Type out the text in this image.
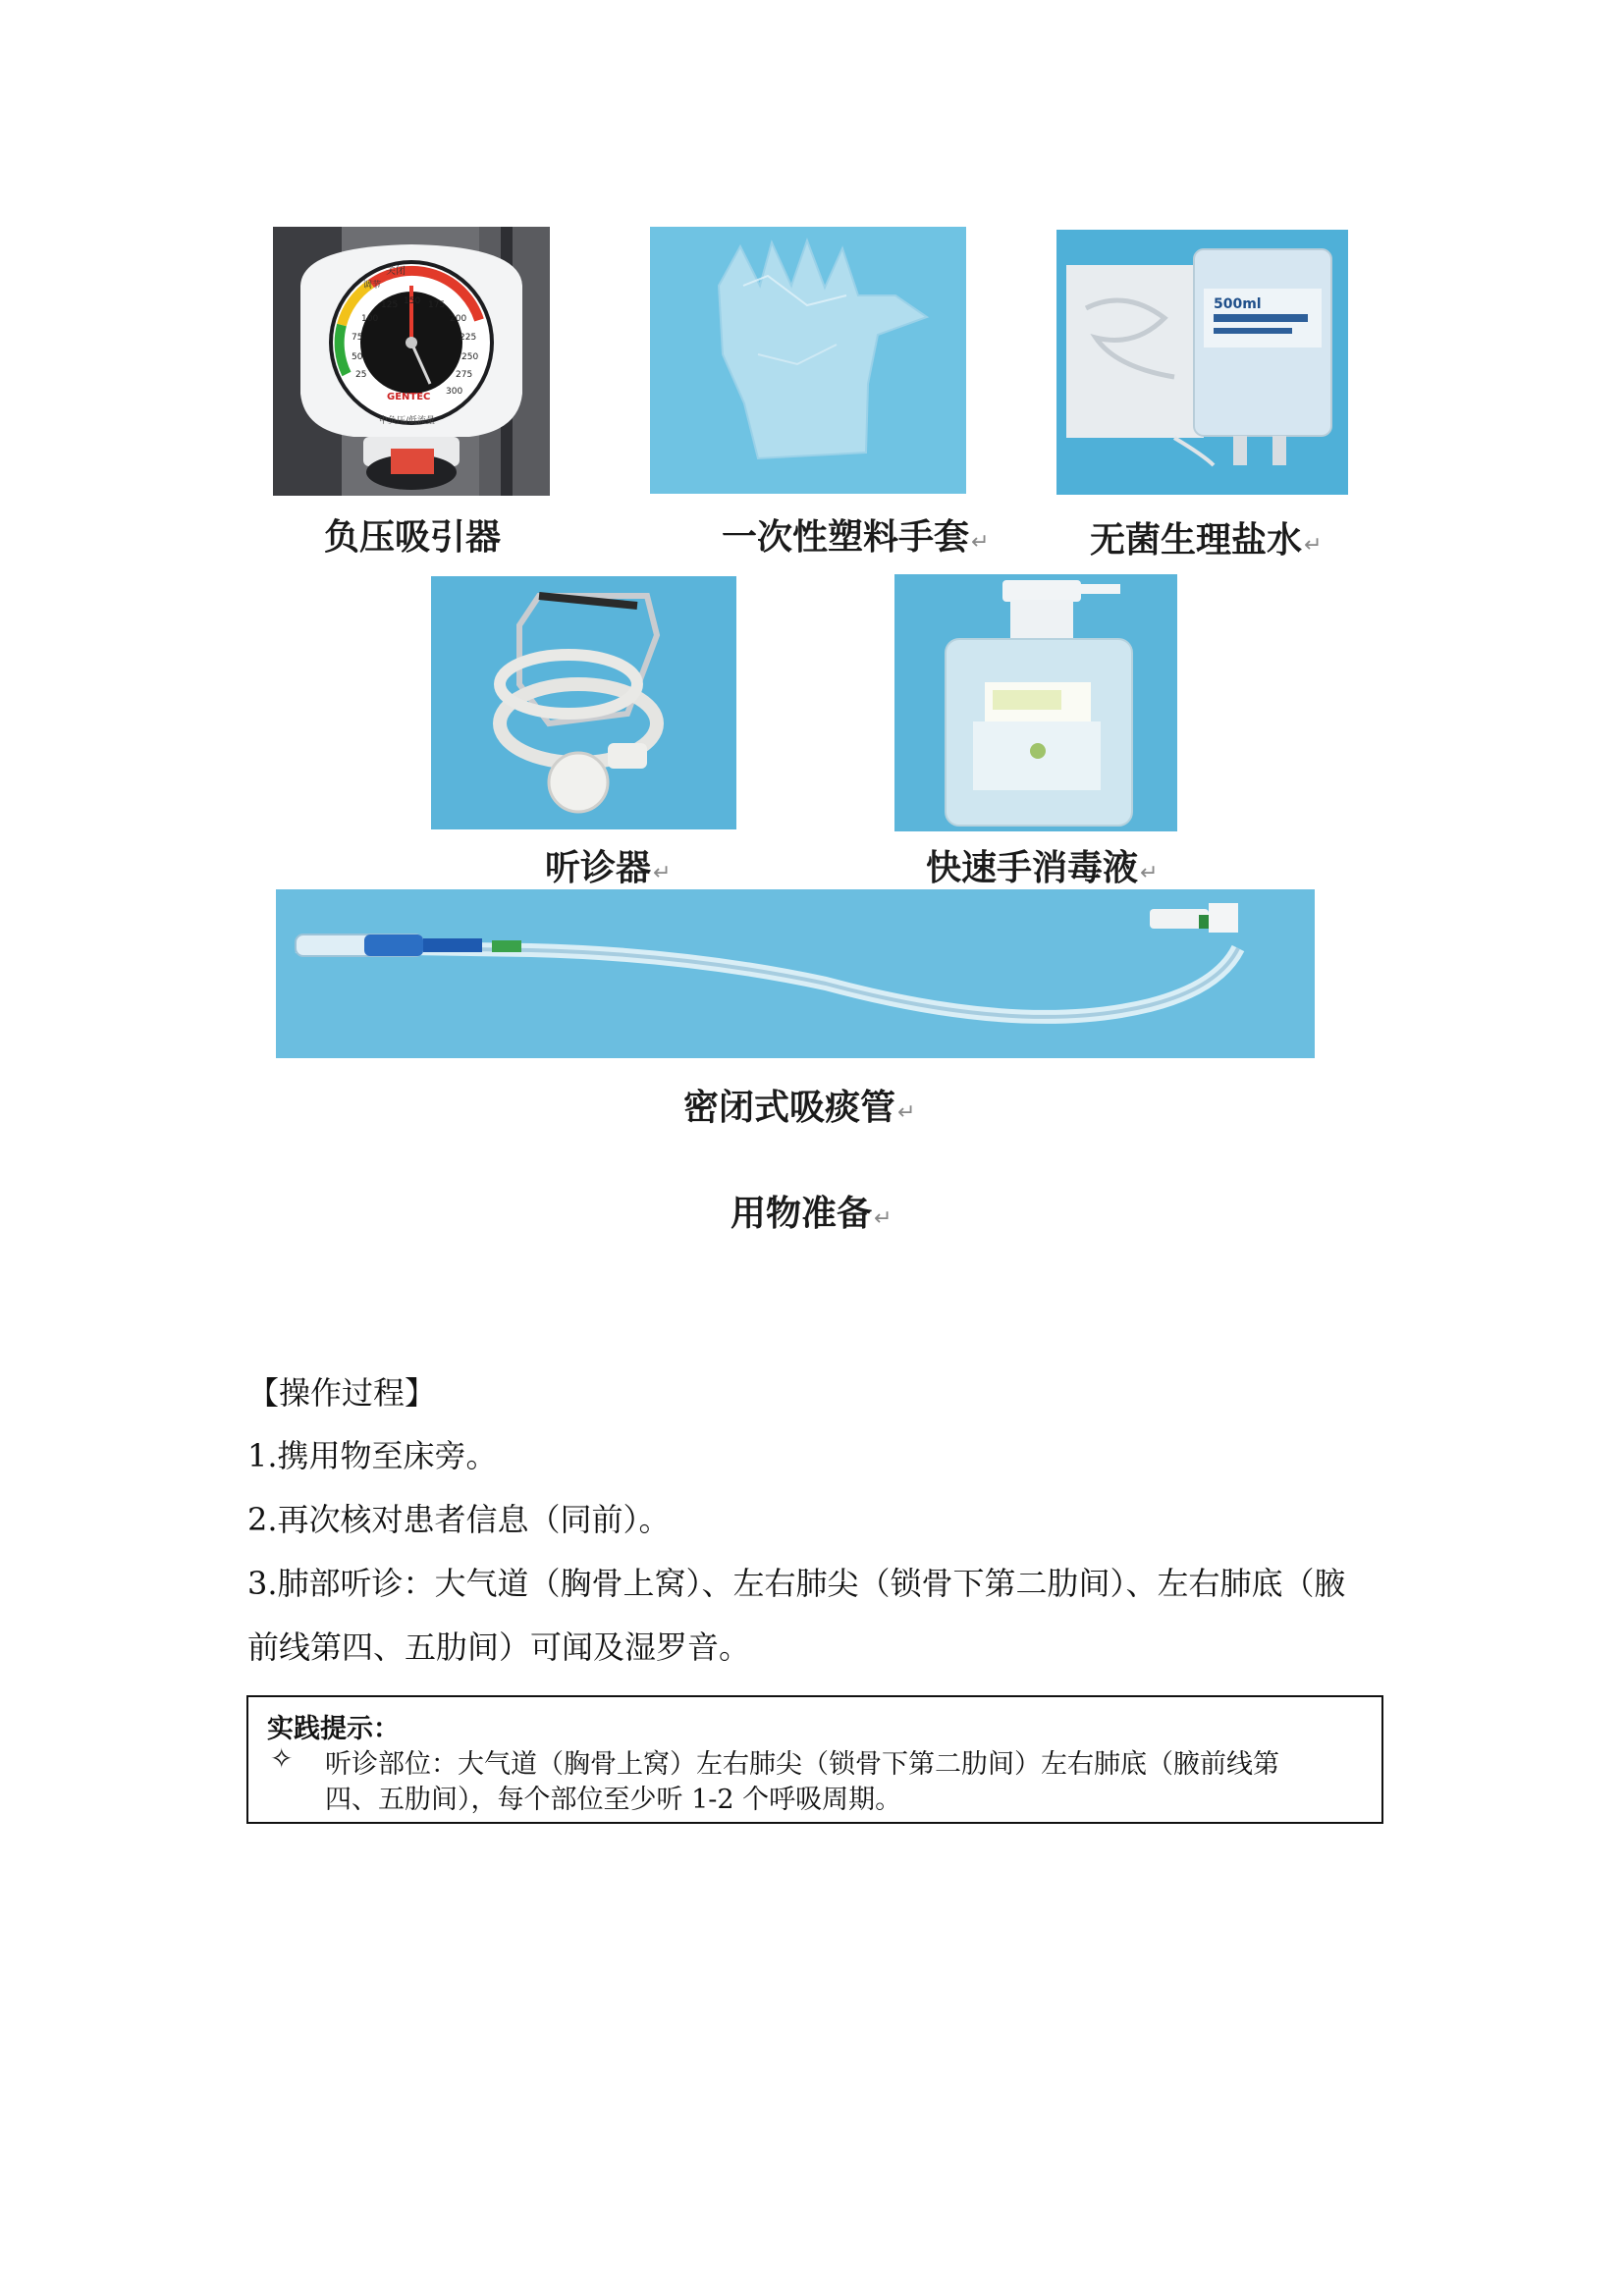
关闭
调节
125 150 175
100	200
75	225
50	250
25	275
300
GENTEC
中负压/低流量
负压吸引器	一次性塑料手套↵
500ml
无菌生理盐水↵
听诊器↵	快速手消毒液↵
密闭式吸痰管↵
用物准备↵
【操作过程】
1.携用物至床旁。
2.再次核对患者信息（同前）。
3.肺部听诊：大气道（胸骨上窝）、左右肺尖（锁骨下第二肋间）、左右肺底（腋
前线第四、五肋间）可闻及湿罗音。
实践提示：
✧ 听诊部位：大气道（胸骨上窝）左右肺尖（锁骨下第二肋间）左右肺底（腋前线第
四、五肋间），每个部位至少听 1-2 个呼吸周期。
